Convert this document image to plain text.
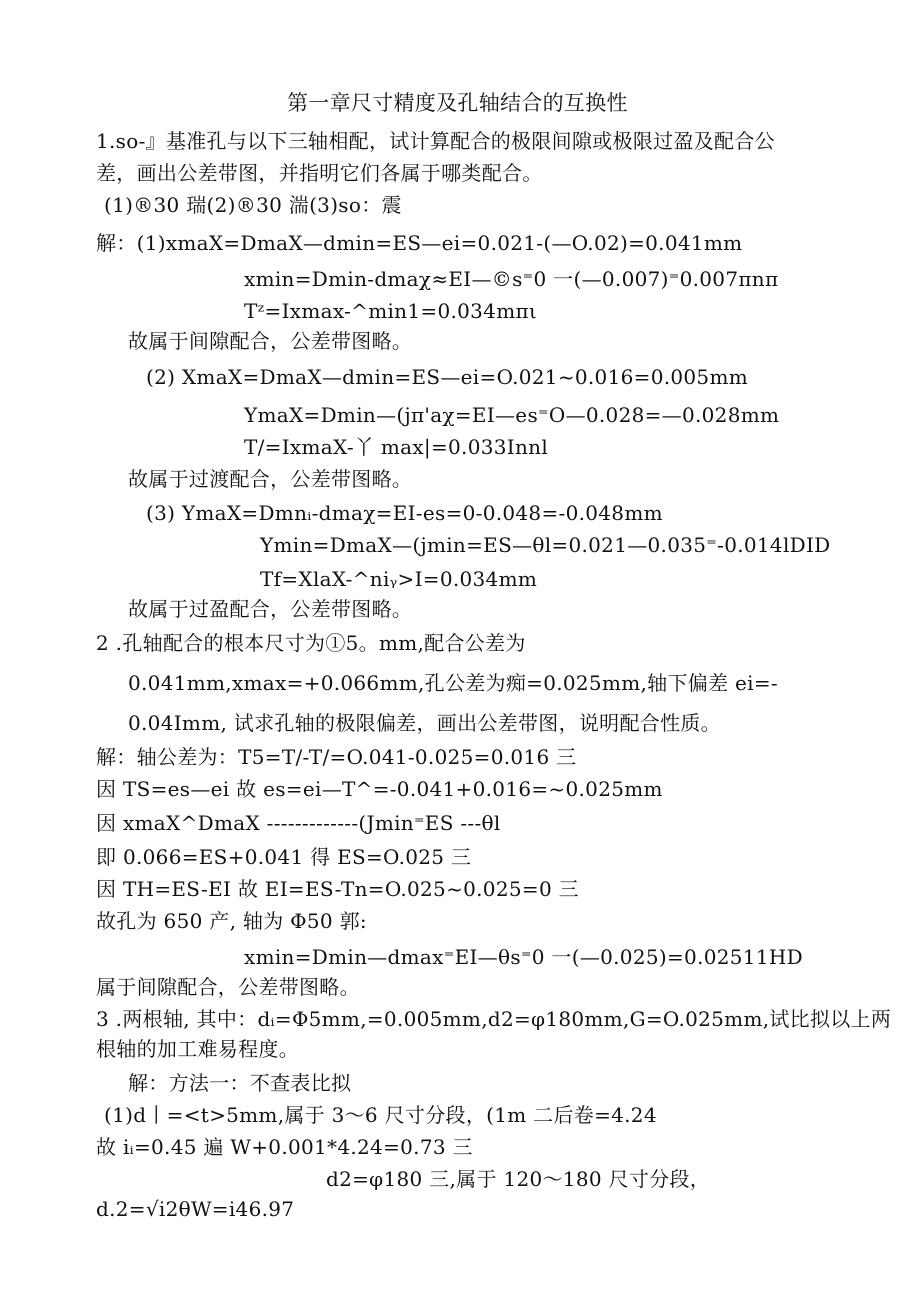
第一章尺寸精度及孔轴结合的互换性
1.so-』基准孔与以下三轴相配，试计算配合的极限间隙或极限过盈及配合公
差，画出公差带图，并指明它们各属于哪类配合。
(1)®30 瑞(2)®30 湍(3)so：震
解：(1)xmaX=DmaX—dmin=ES—ei=0.021-(—O.02)=0.041mm
xmin=Dmin-dmaχ≈EI—©s⁼0 一(—0.007)⁼0.007πnπ
Tᶻ=Ixmax-^min1=0.034mπι
故属于间隙配合，公差带图略。
(2) XmaX=DmaX—dmin=ES—ei=O.021~0.016=0.005mm
YmaX=Dmin—(jπ'aχ=EI—es⁼O—0.028=—0.028mm
T/=IxmaX-丫 max|=0.033Innl
故属于过渡配合，公差带图略。
(3) YmaX=Dmnᵢ-dmaχ=EI-es=0-0.048=-0.048mm
Ymin=DmaX—(jmin=ES—θl=0.021—0.035⁼-0.014lDID
Tf=XlaX-^niᵧ>I=0.034mm
故属于过盈配合，公差带图略。
2 .孔轴配合的根本尺寸为①5。mm,配合公差为
0.041mm,xmax=+0.066mm,孔公差为痴=0.025mm,轴下偏差 ei=-
0.04Imm, 试求孔轴的极限偏差，画出公差带图，说明配合性质。
解：轴公差为：T5=T∕-T∕=O.041-0.025=0.016 三
因 TS=es—ei 故 es=ei—T^=-0.041+0.016=~0.025mm
因 xmaX^DmaX -------------(Jmin⁼ES ---θl
即 0.066=ES+0.041 得 ES=O.025 三
因 TH=ES-EI 故 EI=ES-Tn=O.025~0.025=0 三
故孔为 650 产, 轴为 Φ50 郭:
xmin=Dmin—dmax⁼EI—θs⁼0 一(—0.025)=0.02511HD
属于间隙配合，公差带图略。
3 .两根轴, 其中：dᵢ=Φ5mm,=0.005mm,d2=φ180mm,G=O.025mm,试比拟以上两
根轴的加工难易程度。
解：方法一：不查表比拟
(1)d丨=<t>5mm,属于 3～6 尺寸分段，(1m 二后卷=4.24
故 iᵢ=0.45 遍 W+0.001*4.24=0.73 三
d2=φ180 三,属于 120～180 尺寸分段，
d.2=√i2θW=i46.97
